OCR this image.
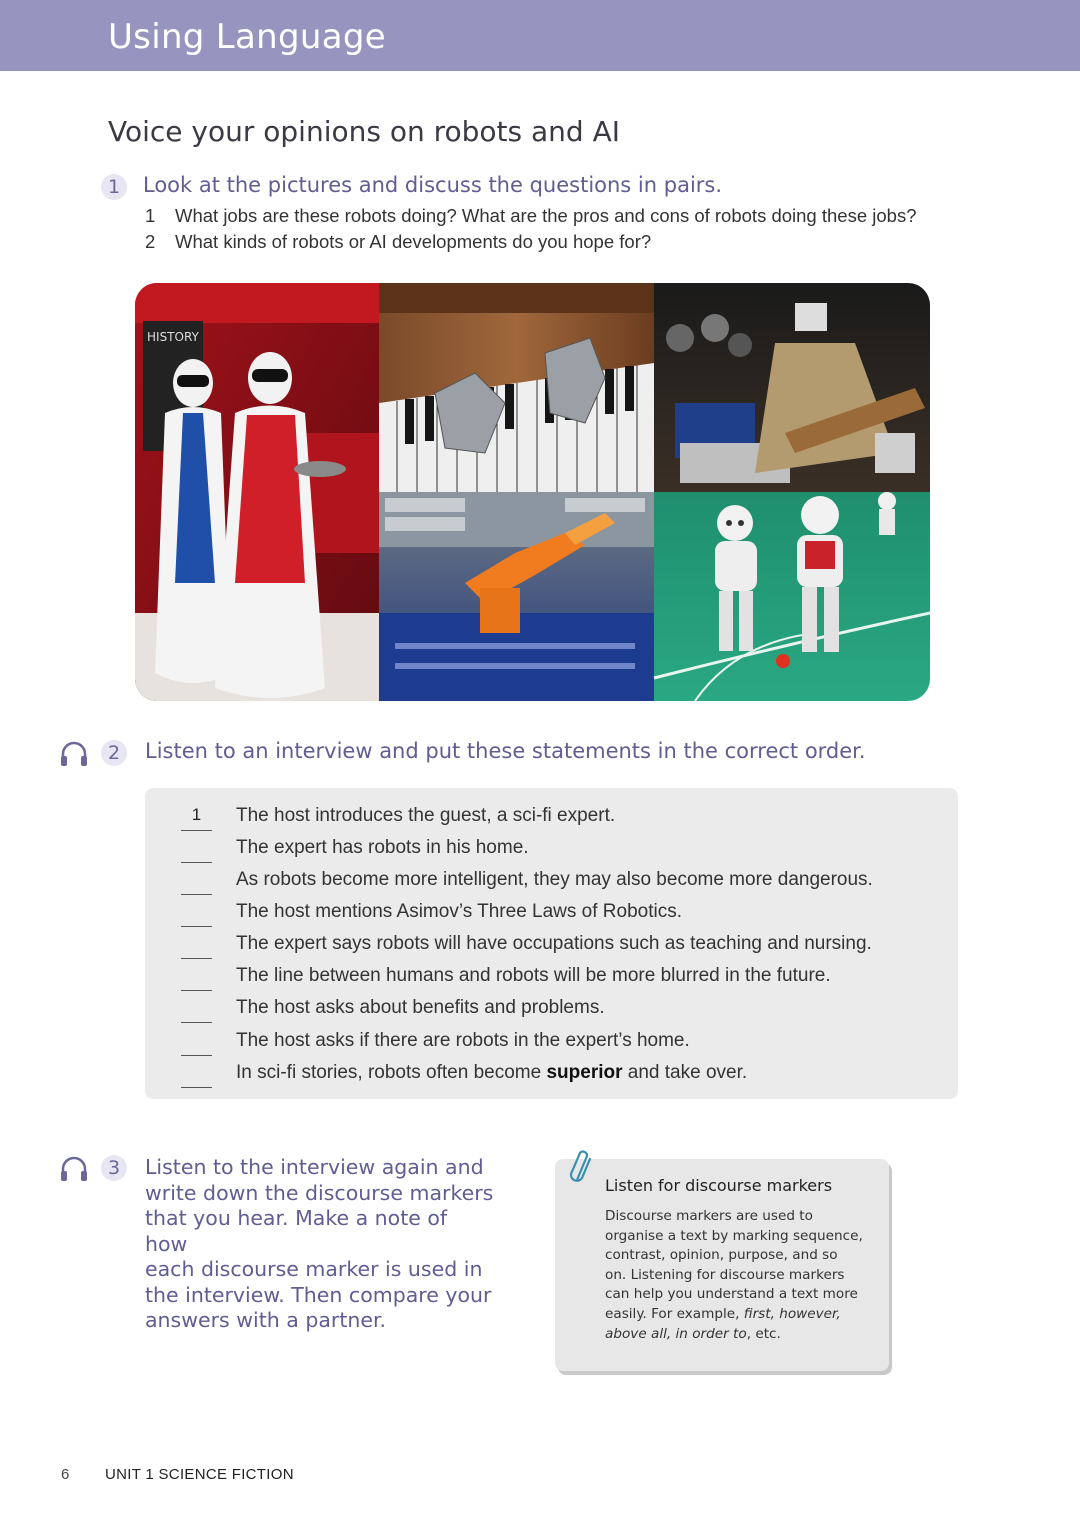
Using Language
Voice your opinions on robots and AI
1	Look at the pictures and discuss the questions in pairs.
1	What jobs are these robots doing? What are the pros and cons of robots doing these jobs?
2	What kinds of robots or AI developments do you hope for?
HISTORY
2	Listen to an interview and put these statements in the correct order.
1	The host introduces the guest, a sci-fi expert.
The expert has robots in his home.
As robots become more intelligent, they may also become more dangerous.
The host mentions Asimov’s Three Laws of Robotics.
The expert says robots will have occupations such as teaching and nursing.
The line between humans and robots will be more blurred in the future.
The host asks about benefits and problems.
The host asks if there are robots in the expert’s home.
In sci-fi stories, robots often become superior and take over.
3	Listen to the interview again and
write down the discourse markers
that you hear. Make a note of how
each discourse marker is used in
the interview. Then compare your
answers with a partner.
Listen for discourse markers
Discourse markers are used to
organise a text by marking sequence,
contrast, opinion, purpose, and so
on. Listening for discourse markers
can help you understand a text more
easily. For example, first, however,
above all, in order to, etc.
6 UNIT 1 SCIENCE FICTION
